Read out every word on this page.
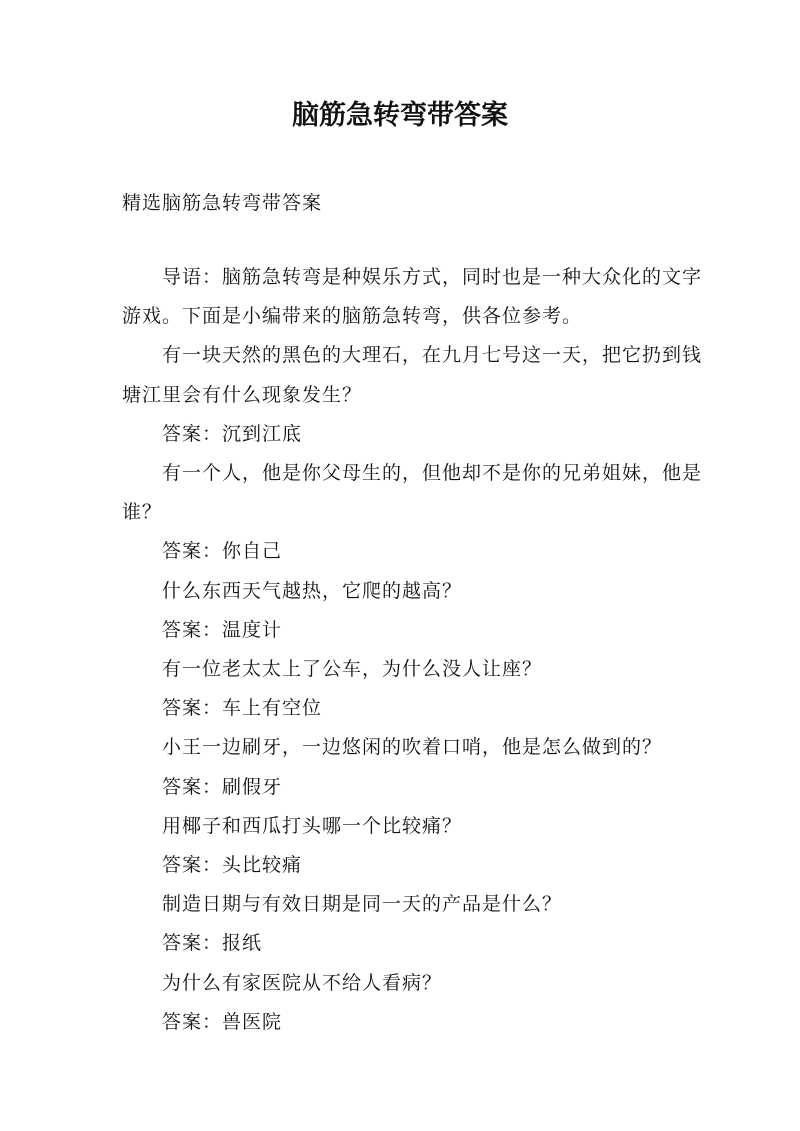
脑筋急转弯带答案

精选脑筋急转弯带答案

导语：脑筋急转弯是种娱乐方式，同时也是一种大众化的文字游戏。下面是小编带来的脑筋急转弯，供各位参考。

有一块天然的黑色的大理石，在九月七号这一天，把它扔到钱塘江里会有什么现象发生？

答案：沉到江底

有一个人，他是你父母生的，但他却不是你的兄弟姐妹，他是谁？

答案：你自己

什么东西天气越热，它爬的越高？

答案：温度计

有一位老太太上了公车，为什么没人让座？

答案：车上有空位

小王一边刷牙，一边悠闲的吹着口哨，他是怎么做到的？

答案：刷假牙

用椰子和西瓜打头哪一个比较痛？

答案：头比较痛

制造日期与有效日期是同一天的产品是什么？

答案：报纸

为什么有家医院从不给人看病？

答案：兽医院
